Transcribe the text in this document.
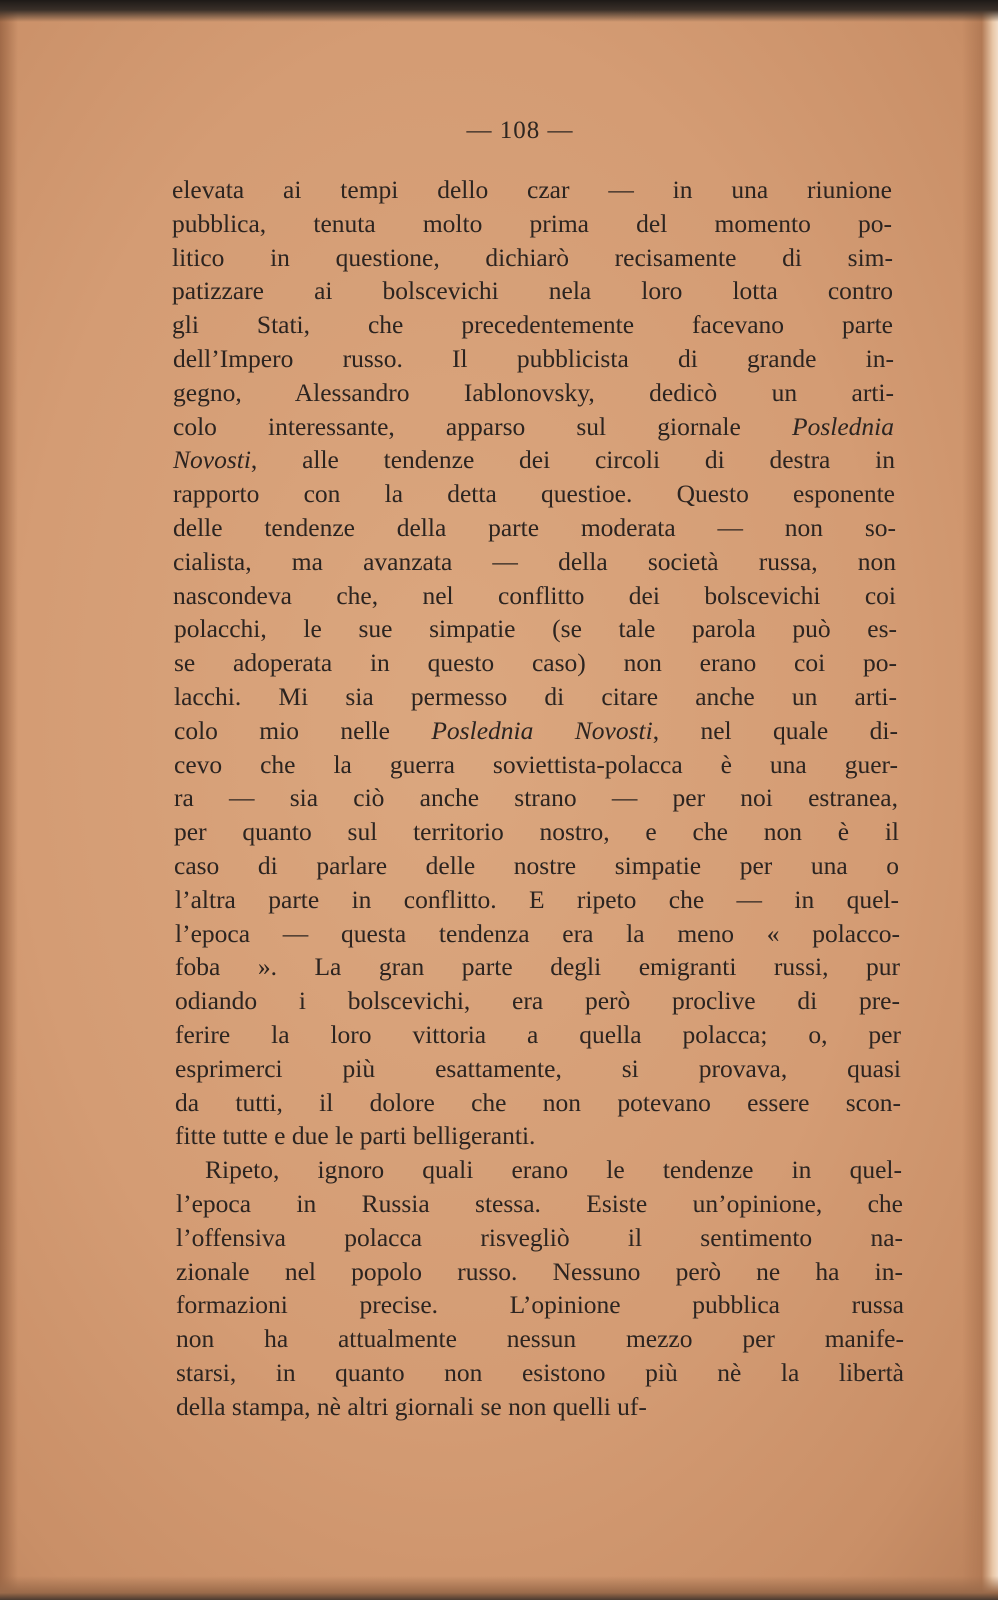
— 108 —
elevata ai tempi dello czar — in una riunione
pubblica, tenuta molto prima del momento po-
litico in questione, dichiarò recisamente di sim-
patizzare ai bolscevichi nela loro lotta contro
gli Stati, che precedentemente facevano parte
dell’Impero russo. Il pubblicista di grande in-
gegno, Alessandro Iablonovsky, dedicò un arti-
colo interessante, apparso sul giornale Poslednia
Novosti, alle tendenze dei circoli di destra in
rapporto con la detta questioe. Questo esponente
delle tendenze della parte moderata — non so-
cialista, ma avanzata — della società russa, non
nascondeva che, nel conflitto dei bolscevichi coi
polacchi, le sue simpatie (se tale parola può es-
se adoperata in questo caso) non erano coi po-
lacchi. Mi sia permesso di citare anche un arti-
colo mio nelle Poslednia Novosti, nel quale di-
cevo che la guerra soviettista-polacca è una guer-
ra — sia ciò anche strano — per noi estranea,
per quanto sul territorio nostro, e che non è il
caso di parlare delle nostre simpatie per una o
l’altra parte in conflitto. E ripeto che — in quel-
l’epoca — questa tendenza era la meno « polacco-
foba ». La gran parte degli emigranti russi, pur
odiando i bolscevichi, era però proclive di pre-
ferire la loro vittoria a quella polacca; o, per
esprimerci più esattamente, si provava, quasi
da tutti, il dolore che non potevano essere scon-
fitte tutte e due le parti belligeranti.
Ripeto, ignoro quali erano le tendenze in quel-
l’epoca in Russia stessa. Esiste un’opinione, che
l’offensiva polacca risvegliò il sentimento na-
zionale nel popolo russo. Nessuno però ne ha in-
formazioni precise. L’opinione pubblica russa
non ha attualmente nessun mezzo per manife-
starsi, in quanto non esistono più nè la libertà
della stampa, nè altri giornali se non quelli uf-
